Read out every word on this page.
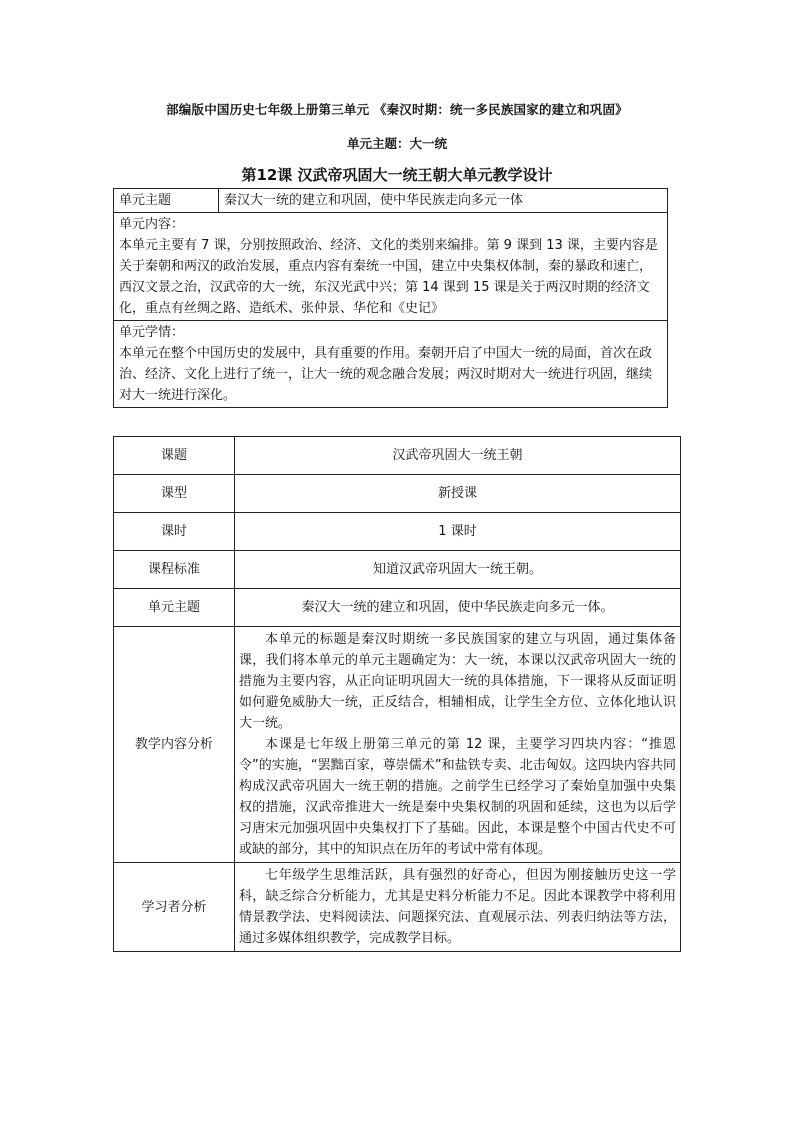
部编版中国历史七年级上册第三单元 《秦汉时期：统一多民族国家的建立和巩固》
单元主题：大一统
第12课 汉武帝巩固大一统王朝大单元教学设计
单元主题	秦汉大一统的建立和巩固，使中华民族走向多元一体

单元内容：
本单元主要有 7 课，分别按照政治、经济、文化的类别来编排。第 9 课到 13 课，主要内容是关于秦朝和两汉的政治发展，重点内容有秦统一中国，建立中央集权体制，秦的暴政和速亡，西汉文景之治，汉武帝的大一统，东汉光武中兴；第 14 课到 15 课是关于两汉时期的经济文化，重点有丝绸之路、造纸术、张仲景、华佗和《史记》

单元学情：
本单元在整个中国历史的发展中，具有重要的作用。秦朝开启了中国大一统的局面，首次在政治、经济、文化上进行了统一，让大一统的观念融合发展；两汉时期对大一统进行巩固，继续对大一统进行深化。
课题	汉武帝巩固大一统王朝
课型	新授课
课时	1 课时
课程标准	知道汉武帝巩固大一统王朝。
单元主题	秦汉大一统的建立和巩固，使中华民族走向多元一体。
教学内容分析	本单元的标题是秦汉时期统一多民族国家的建立与巩固，通过集体备课，我们将本单元的单元主题确定为：大一统，本课以汉武帝巩固大一统的措施为主要内容，从正向证明巩固大一统的具体措施，下一课将从反面证明如何避免威胁大一统，正反结合，相辅相成，让学生全方位、立体化地认识大一统。
本课是七年级上册第三单元的第 12 课，主要学习四块内容：“推恩令”的实施，“罢黜百家，尊崇儒术”和盐铁专卖、北击匈奴。这四块内容共同构成汉武帝巩固大一统王朝的措施。之前学生已经学习了秦始皇加强中央集权的措施，汉武帝推进大一统是秦中央集权制的巩固和延续，这也为以后学习唐宋元加强巩固中央集权打下了基础。因此，本课是整个中国古代史不可或缺的部分，其中的知识点在历年的考试中常有体现。

学习者分析	七年级学生思维活跃，具有强烈的好奇心，但因为刚接触历史这一学科，缺乏综合分析能力，尤其是史料分析能力不足。因此本课教学中将利用情景教学法、史料阅读法、问题探究法、直观展示法、列表归纳法等方法，通过多媒体组织教学，完成教学目标。
